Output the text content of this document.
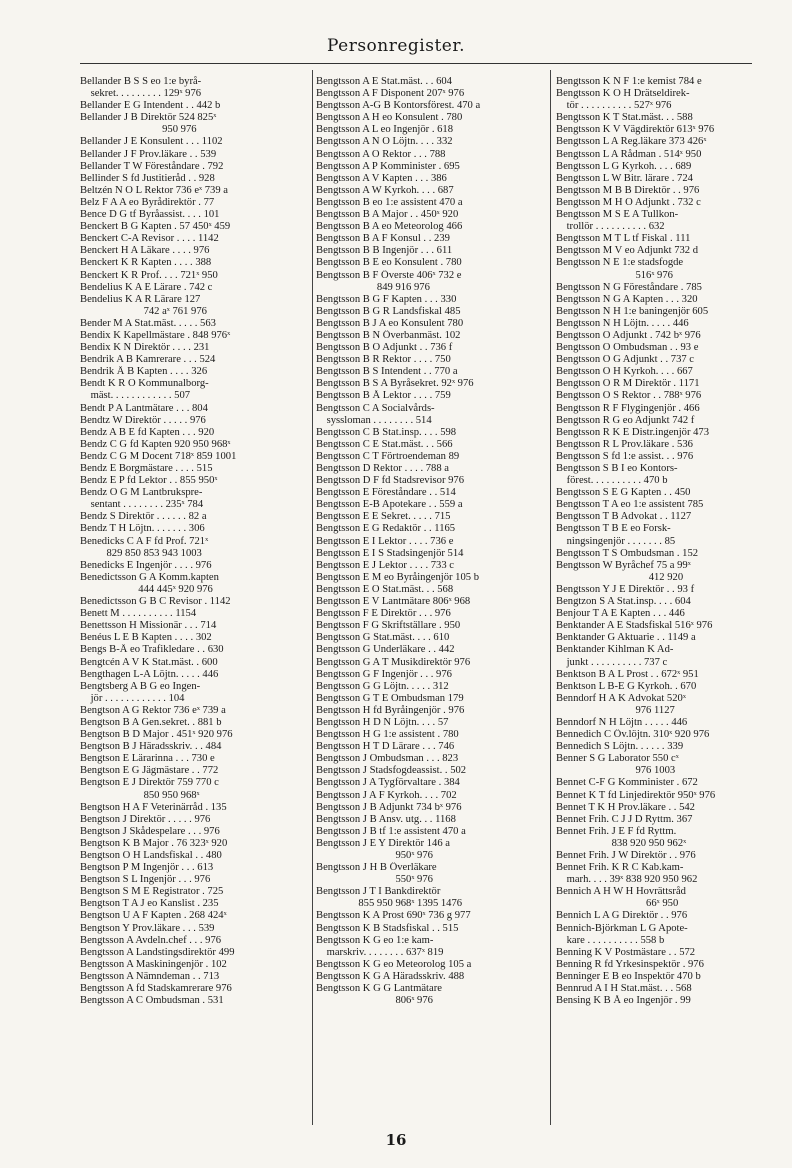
Personregister.
Bellander B S S eo 1:e byrå-
sekret. . . . . . . . . 129ˣ 976
Bellander E G Intendent . . 442 b
Bellander J B Direktör 524 825ˣ
950 976
Bellander J E Konsulent . . . 1102
Bellander J F Prov.läkare . . 539
Bellander T W Föreståndare . 792
Bellinder S fd Justitieråd . . 928
Beltzén N O L Rektor 736 eˣ 739 a
Belz F A A eo Byrådirektör . 77
Bence D G tf Byråassist. . . . 101
Benckert B G Kapten . 57 450ˣ 459
Benckert C-A Revisor . . . . 1142
Benckert H A Läkare . . . . 976
Benckert K R Kapten . . . . 388
Benckert K R Prof. . . . 721ˣ 950
Bendelius K A E Lärare . 742 c
Bendelius K A R Lärare 127
742 aˣ 761 976
Bender M A Stat.mäst. . . . . 563
Bendix K Kapellmästare . 848 976ˣ
Bendix K N Direktör . . . . 231
Bendrik A B Kamrerare . . . 524
Bendrik Å B Kapten . . . . 326
Bendt K R O Kommunalborg-
mäst. . . . . . . . . . . . 507
Bendt P A Lantmätare . . . 804
Bendtz W Direktör . . . . . 976
Bendz A B E fd Kapten . . . 920
Bendz C G fd Kapten 920 950 968ˣ
Bendz C G M Docent 718ˣ 859 1001
Bendz E Borgmästare . . . . 515
Bendz E P fd Lektor . . 855 950ˣ
Bendz O G M Lantbrukspre-
sentant . . . . . . . . 235ˣ 784
Bendz S Direktör . . . . . . 82 a
Bendz T H Löjtn. . . . . . . 306
Benedicks C A F fd Prof. 721ˣ
829 850 853 943 1003
Benedicks E Ingenjör . . . . 976
Benedictsson G A Komm.kapten
444 445ˣ 920 976
Benedictsson G B C Revisor . 1142
Benett M . . . . . . . . . . 1154
Benettsson H Missionär . . . 714
Benéus L E B Kapten . . . . 302
Bengs B-Å eo Trafikledare . . 630
Bengtcén A V K Stat.mäst. . 600
Bengthagen L-A Löjtn. . . . . 446
Bengtsberg A B G eo Ingen-
jör . . . . . . . . . . . . 104
Bengtson A G Rektor 736 eˣ 739 a
Bengtson B A Gen.sekret. . 881 b
Bengtson B D Major . 451ˣ 920 976
Bengtson B J Häradsskriv. . . 484
Bengtson E Lärarinna . . . 730 e
Bengtson E G Jägmästare . . 772
Bengtson E J Direktör 759 770 c
850 950 968ˣ
Bengtson H A F Veterinärråd . 135
Bengtson J Direktör . . . . . 976
Bengtson J Skådespelare . . . 976
Bengtson K B Major . 76 323ˣ 920
Bengtson O H Landsfiskal . . 480
Bengtson P M Ingenjör . . . 613
Bengtson S L Ingenjör . . . 976
Bengtson S M E Registrator . 725
Bengtson T A J eo Kanslist . 235
Bengtson U A F Kapten . 268 424ˣ
Bengtson Y Prov.läkare . . . 539
Bengtsson A Avdeln.chef . . . 976
Bengtsson A Landstingsdirektör 499
Bengtsson A Maskiningenjör . 102
Bengtsson A Nämndeman . . 713
Bengtsson A fd Stadskamrerare 976
Bengtsson A C Ombudsman . 531
Bengtsson A E Stat.mäst. . . 604
Bengtsson A F Disponent 207ˣ 976
Bengtsson A-G B Kontorsförest. 470 a
Bengtsson A H eo Konsulent . 780
Bengtsson A L eo Ingenjör . 618
Bengtsson A N O Löjtn. . . . 332
Bengtsson A O Rektor . . . 788
Bengtsson A P Komminister . 695
Bengtsson A V Kapten . . . 386
Bengtsson A W Kyrkoh. . . . 687
Bengtsson B eo 1:e assistent 470 a
Bengtsson B A Major . . 450ˣ 920
Bengtsson B A eo Meteorolog 466
Bengtsson B A F Konsul . . 239
Bengtsson B B Ingenjör . . . 611
Bengtsson B E eo Konsulent . 780
Bengtsson B F Överste 406ˣ 732 e
849 916 976
Bengtsson B G F Kapten . . . 330
Bengtsson B G R Landsfiskal 485
Bengtsson B J A eo Konsulent 780
Bengtsson B N Överbanmäst. 102
Bengtsson B O Adjunkt . . 736 f
Bengtsson B R Rektor . . . . 750
Bengtsson B S Intendent . . 770 a
Bengtsson B S A Byråsekret. 92ˣ 976
Bengtsson B Å Lektor . . . . 759
Bengtsson C A Socialvårds-
syssloman . . . . . . . . 514
Bengtsson C B Stat.insp. . . . 598
Bengtsson C E Stat.mäst. . . 566
Bengtsson C T Förtroendeman 89
Bengtsson D Rektor . . . . 788 a
Bengtsson D F fd Stadsrevisor 976
Bengtsson E Föreståndare . . 514
Bengtsson E-B Apotekare . . 559 a
Bengtsson E E Sekret. . . . . 715
Bengtsson E G Redaktör . . 1165
Bengtsson E I Lektor . . . . 736 e
Bengtsson E I S Stadsingenjör 514
Bengtsson E J Lektor . . . . 733 c
Bengtsson E M eo Byråingenjör 105 b
Bengtsson E O Stat.mäst. . . 568
Bengtsson E V Lantmätare 806ˣ 968
Bengtsson F E Direktör . . . 976
Bengtsson F G Skriftställare . 950
Bengtsson G Stat.mäst. . . . 610
Bengtsson G Underläkare . . 442
Bengtsson G A T Musikdirektör 976
Bengtsson G F Ingenjör . . . 976
Bengtsson G G Löjtn. . . . . 312
Bengtsson G T E Ombudsman 179
Bengtsson H fd Byråingenjör . 976
Bengtsson H D N Löjtn. . . . 57
Bengtsson H G 1:e assistent . 780
Bengtsson H T D Lärare . . . 746
Bengtsson J Ombudsman . . . 823
Bengtsson J Stadsfogdeassist. . 502
Bengtsson J A Tygförvaltare . 384
Bengtsson J A F Kyrkoh. . . . 702
Bengtsson J B Adjunkt 734 bˣ 976
Bengtsson J B Ansv. utg. . . 1168
Bengtsson J B tf 1:e assistent 470 a
Bengtsson J E Y Direktör 146 a
950ˣ 976
Bengtsson J H B Överläkare
550ˣ 976
Bengtsson J T I Bankdirektör
855 950 968ˣ 1395 1476
Bengtsson K A Prost 690ˣ 736 g 977
Bengtsson K B Stadsfiskal . . 515
Bengtsson K G eo 1:e kam-
marskriv. . . . . . . . 637ˣ 819
Bengtsson K G eo Meteorolog 105 a
Bengtsson K G A Häradsskriv. 488
Bengtsson K G G Lantmätare
806ˣ 976
Bengtsson K N F 1:e kemist 784 e
Bengtsson K O H Drätseldirek-
tör . . . . . . . . . . 527ˣ 976
Bengtsson K T Stat.mäst. . . 588
Bengtsson K V Vägdirektör 613ˣ 976
Bengtsson L A Reg.läkare 373 426ˣ
Bengtsson L A Rådman . 514ˣ 950
Bengtsson L G Kyrkoh. . . . 689
Bengtsson L W Bitr. lärare . 724
Bengtsson M B B Direktör . . 976
Bengtsson M H O Adjunkt . 732 c
Bengtsson M S E A Tullkon-
trollör . . . . . . . . . . 632
Bengtsson M T L tf Fiskal . 111
Bengtsson M V eo Adjunkt 732 d
Bengtsson N E 1:e stadsfogde
516ˣ 976
Bengtsson N G Föreståndare . 785
Bengtsson N G A Kapten . . . 320
Bengtsson N H 1:e baningenjör 605
Bengtsson N H Löjtn. . . . . 446
Bengtsson O Adjunkt . 742 bˣ 976
Bengtsson O Ombudsman . . 93 e
Bengtsson O G Adjunkt . . 737 c
Bengtsson O H Kyrkoh. . . . 667
Bengtsson O R M Direktör . 1171
Bengtsson O S Rektor . . 788ˣ 976
Bengtsson R F Flygingenjör . 466
Bengtsson R G eo Adjunkt 742 f
Bengtsson R K E Distr.ingenjör 473
Bengtsson R L Prov.läkare . 536
Bengtsson S fd 1:e assist. . . 976
Bengtsson S B I eo Kontors-
förest. . . . . . . . . . 470 b
Bengtsson S E G Kapten . . 450
Bengtsson T A eo 1:e assistent 785
Bengtsson T B Advokat . . 1127
Bengtsson T B E eo Forsk-
ningsingenjör . . . . . . . 85
Bengtsson T S Ombudsman . 152
Bengtsson W Byråchef 75 a 99ˣ
412 920
Bengtsson Y J E Direktör . . 93 f
Bengtzon S A Stat.insp. . . . 604
Benjour T A E Kapten . . . 446
Benktander A E Stadsfiskal 516ˣ 976
Benktander G Aktuarie . . 1149 a
Benktander Kihlman K Ad-
junkt . . . . . . . . . . 737 c
Benktson B A L Prost . . 672ˣ 951
Benktson L B-E G Kyrkoh. . 670
Benndorf H A K Advokat 520ˣ
976 1127
Benndorf N H Löjtn . . . . . 446
Bennedich C Öv.löjtn. 310ˣ 920 976
Bennedich S Löjtn. . . . . . 339
Benner S G Laborator 550 cˣ
976 1003
Bennet C-F G Komminister . 672
Bennet K T fd Linjedirektör 950ˣ 976
Bennet T K H Prov.läkare . . 542
Bennet Frih. C J J D Ryttm. 367
Bennet Frih. J E F fd Ryttm.
838 920 950 962ˣ
Bennet Frih. J W Direktör . . 976
Bennet Frih. K R C Kab.kam-
marh. . . . 39ˣ 838 920 950 962
Bennich A H W H Hovrättsråd
66ˣ 950
Bennich L A G Direktör . . 976
Bennich-Björkman L G Apote-
kare . . . . . . . . . . 558 b
Benning K V Postmästare . . 572
Benning R fd Yrkesinspektör . 976
Benninger E B eo Inspektör 470 b
Bennrud A I H Stat.mäst. . . 568
Bensing K B Å eo Ingenjör . 99
16
